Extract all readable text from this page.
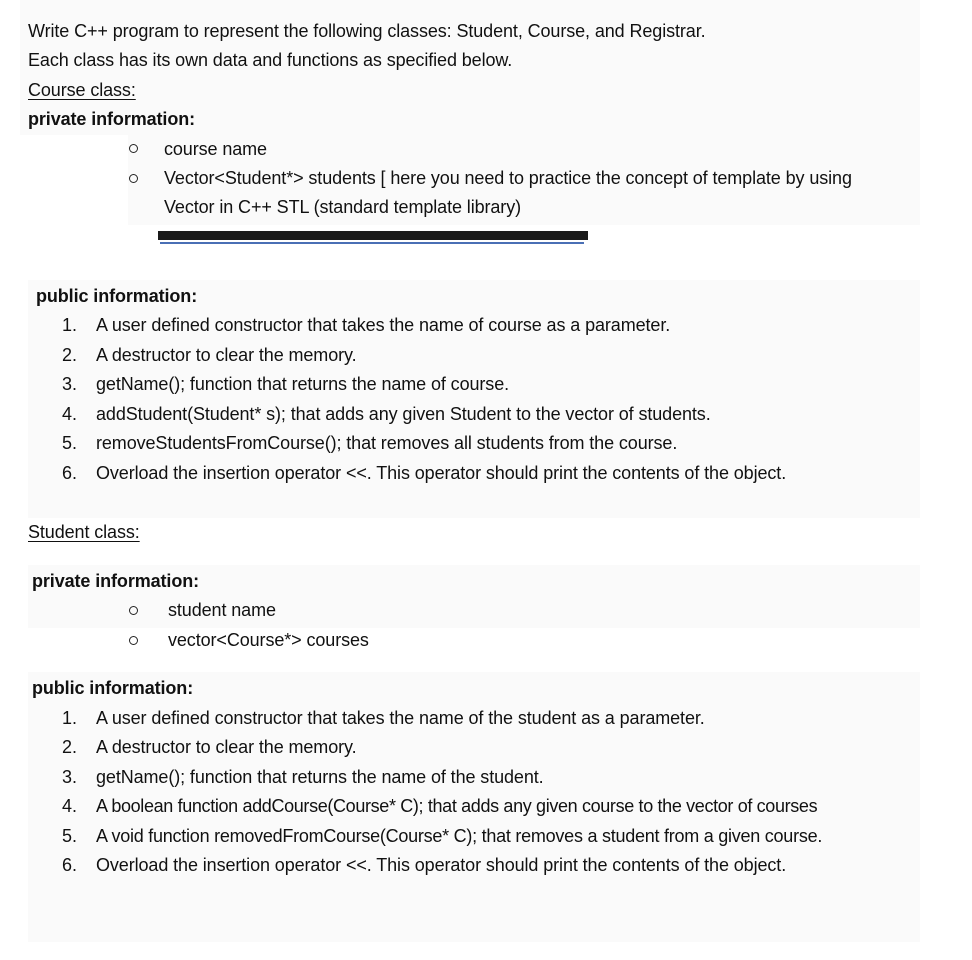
Write C++ program to represent the following classes: Student, Course, and Registrar.
Each class has its own data and functions as specified below.
Course class:
private information:
course name
Vector<Student*> students [ here you need to practice the concept of template by using
Vector in C++ STL (standard template library)
public information:
1. A user defined constructor that takes the name of course as a parameter.
2. A destructor to clear the memory.
3. getName(); function that returns the name of course.
4. addStudent(Student* s); that adds any given Student to the vector of students.
5. removeStudentsFromCourse(); that removes all students from the course.
6. Overload the insertion operator <<. This operator should print the contents of the object.
Student class:
private information:
student name
vector<Course*> courses
public information:
1. A user defined constructor that takes the name of the student as a parameter.
2. A destructor to clear the memory.
3. getName(); function that returns the name of the student.
4. A boolean function addCourse(Course* C); that adds any given course to the vector of courses
5. A void function removedFromCourse(Course* C); that removes a student from a given course.
6. Overload the insertion operator <<. This operator should print the contents of the object.
